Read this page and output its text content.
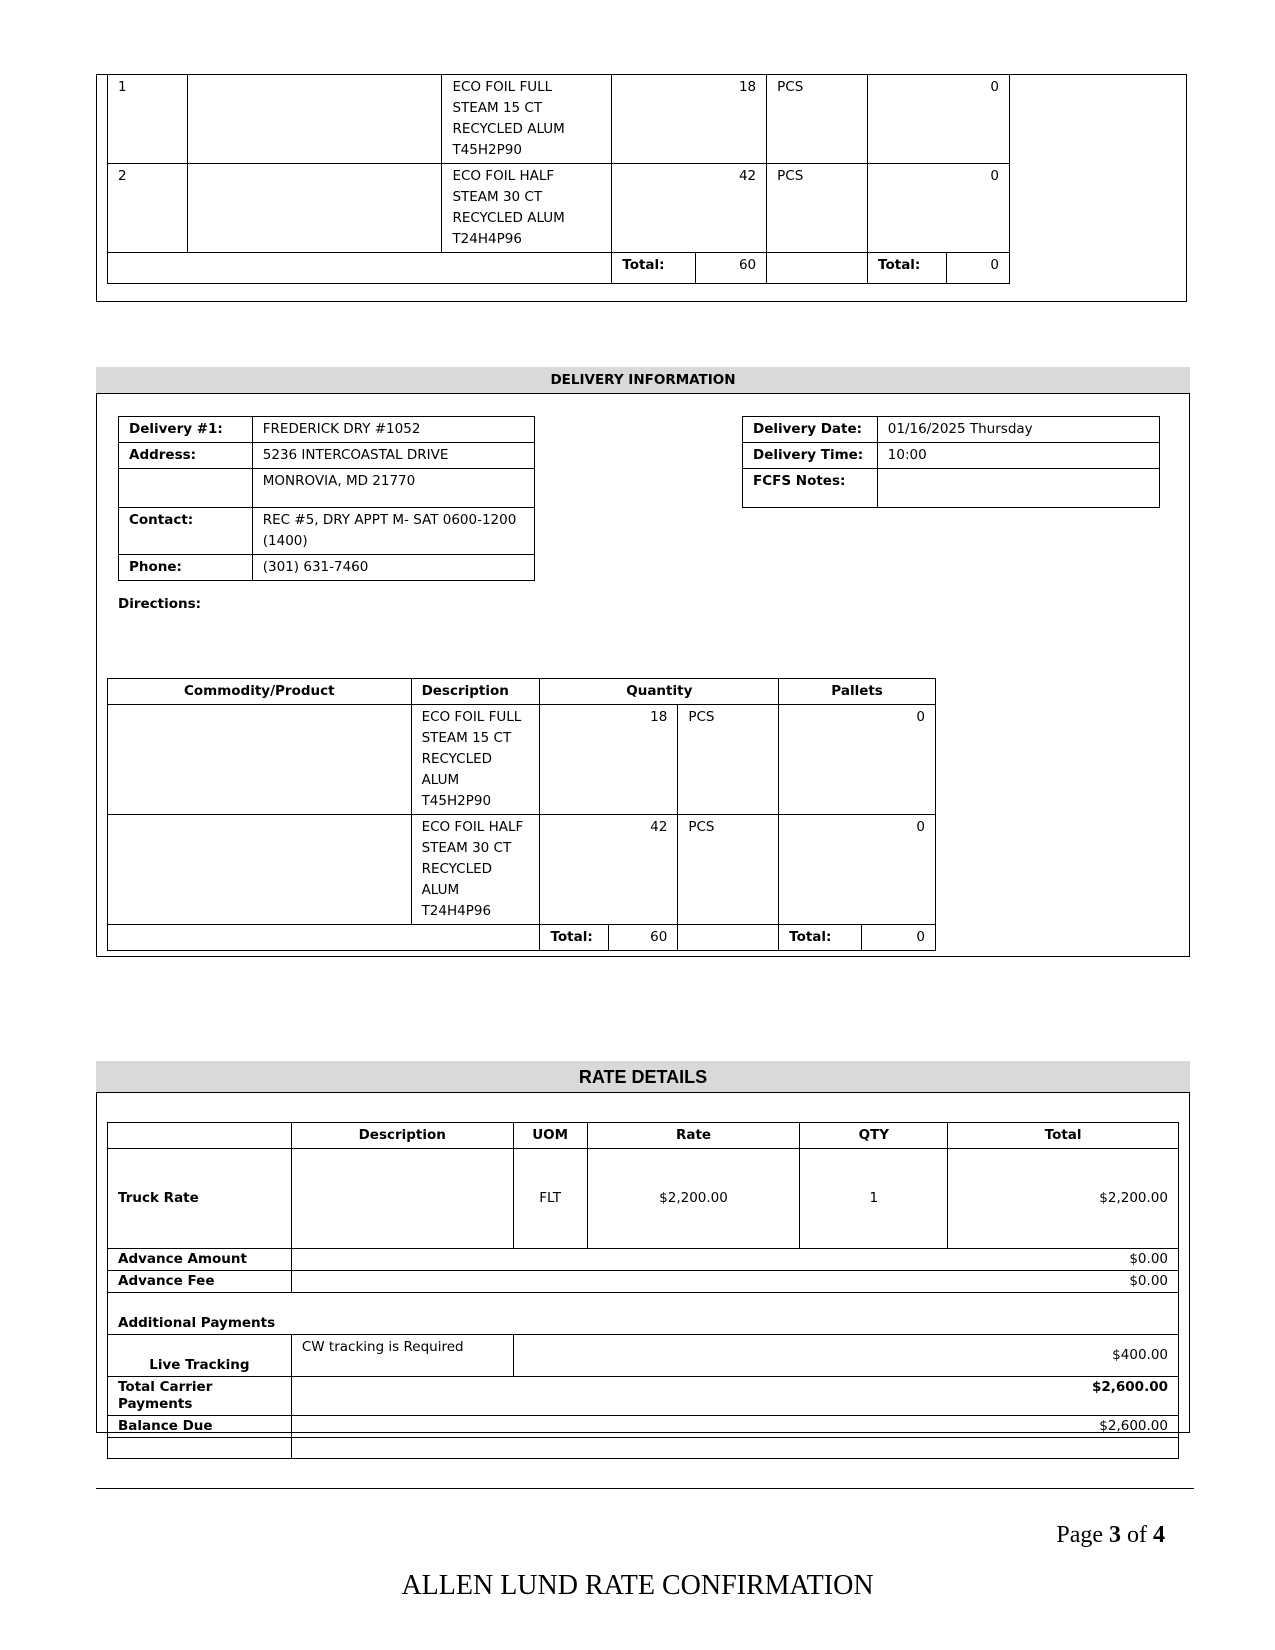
1		ECO FOIL FULL
STEAM 15 CT
RECYCLED ALUM
T45H2P90	18		PCS	0	
2		ECO FOIL HALF
STEAM 30 CT
RECYCLED ALUM
T24H4P96	42		PCS	0	
			Total:	60		Total:	0
DELIVERY INFORMATION
Delivery #1:	FREDERICK DRY #1052
Address:	5236 INTERCOASTAL DRIVE
	MONROVIA, MD 21770
Contact:	REC #5, DRY APPT M- SAT 0600-1200
(1400)

Phone:	(301) 631-7460
Delivery Date:	01/16/2025 Thursday
Delivery Time:	10:00
FCFS Notes:	
Directions:
Commodity/Product	Description	Quantity			Pallets	

	ECO FOIL FULL
STEAM 15 CT
RECYCLED
ALUM
T45H2P90	18		PCS	0	

	ECO FOIL HALF
STEAM 30 CT
RECYCLED
ALUM
T24H4P96	42		PCS	0	
		Total:	60		Total:	0
RATE DETAILS
	Description	UOM	Rate	QTY	Total
Truck Rate		FLT	$2,200.00	1	$2,200.00
Advance Amount	$0.00				
Advance Fee	$0.00				
Additional Payments					
Live Tracking	CW tracking is Required	$400.00			
Total Carrier Payments	$2,600.00				
Balance Due	$2,600.00				

Page 3 of 4
ALLEN LUND RATE CONFIRMATION
